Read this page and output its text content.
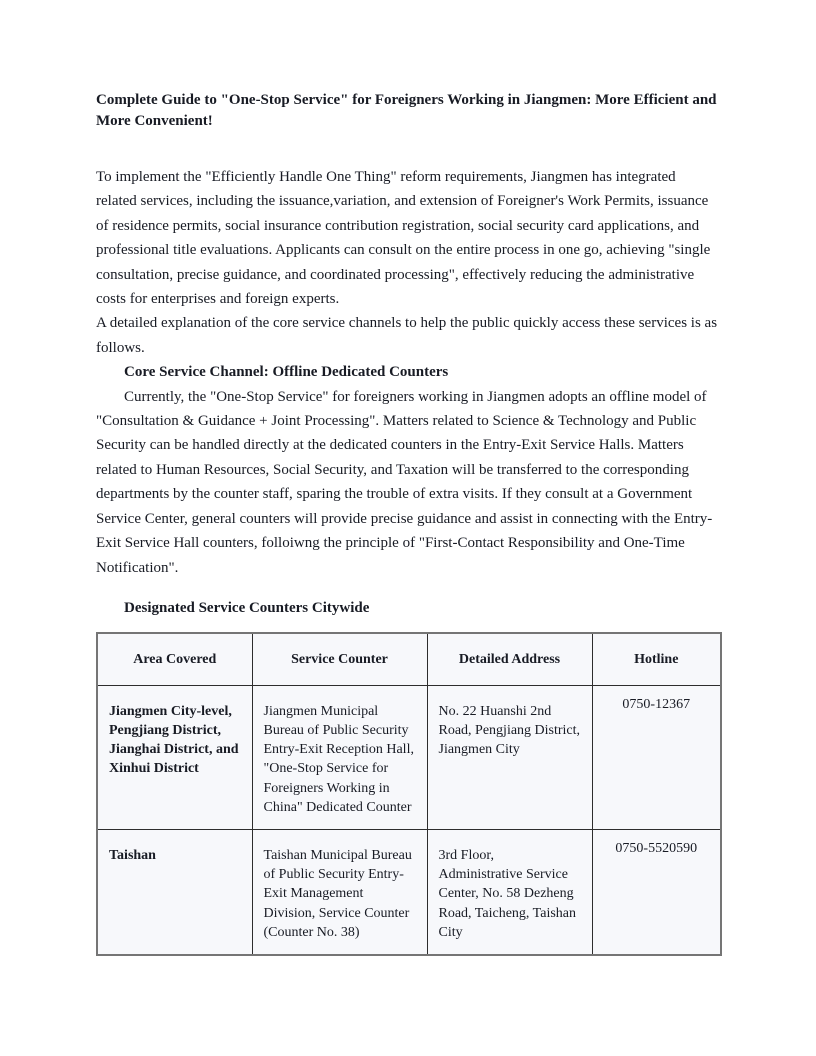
Complete Guide to "One-Stop Service" for Foreigners Working in Jiangmen: More Efficient and More Convenient!

To implement the "Efficiently Handle One Thing" reform requirements, Jiangmen has integrated related services, including the issuance,variation, and extension of Foreigner's Work Permits, issuance of residence permits, social insurance contribution registration, social security card applications, and professional title evaluations. Applicants can consult on the entire process in one go, achieving "single consultation, precise guidance, and coordinated processing", effectively reducing the administrative costs for enterprises and foreign experts.

A detailed explanation of the core service channels to help the public quickly access these services is as follows.

Core Service Channel: Offline Dedicated Counters

Currently, the "One-Stop Service" for foreigners working in Jiangmen adopts an offline model of "Consultation & Guidance + Joint Processing". Matters related to Science & Technology and Public Security can be handled directly at the dedicated counters in the Entry-Exit Service Halls. Matters related to Human Resources, Social Security, and Taxation will be transferred to the corresponding departments by the counter staff, sparing the trouble of extra visits. If they consult at a Government Service Center, general counters will provide precise guidance and assist in connecting with the Entry-Exit Service Hall counters, folloiwng the principle of "First-Contact Responsibility and One-Time Notification".

Designated Service Counters Citywide

Area Covered	Service Counter	Detailed Address	Hotline
Jiangmen City-level, Pengjiang District, Jianghai District, and Xinhui District	Jiangmen Municipal Bureau of Public Security Entry-Exit Reception Hall, "One-Stop Service for Foreigners Working in China" Dedicated Counter	No. 22 Huanshi 2nd Road, Pengjiang District, Jiangmen City	0750-12367
Taishan	Taishan Municipal Bureau of Public Security Entry-Exit Management Division, Service Counter (Counter No. 38)	3rd Floor, Administrative Service Center, No. 58 Dezheng Road, Taicheng, Taishan City	0750-5520590
